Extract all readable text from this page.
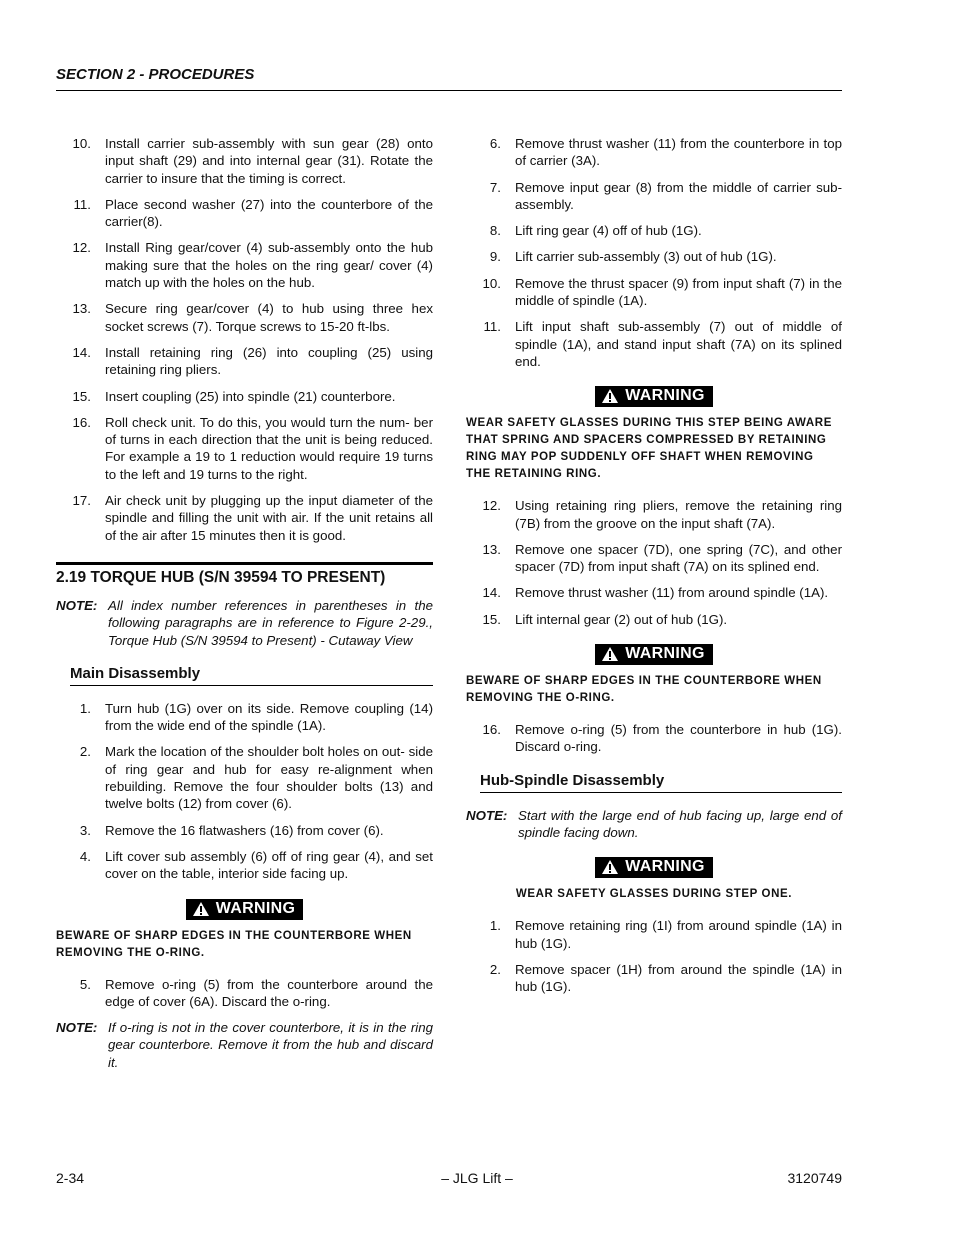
SECTION 2 - PROCEDURES
10.	Install carrier sub-assembly with sun gear (28) onto input shaft (29) and into internal gear (31). Rotate the carrier to insure that the timing is correct.
11.	Place second washer (27) into the counterbore of the carrier(8).
12.	Install Ring gear/cover (4) sub-assembly onto the hub making sure that the holes on the ring gear/ cover (4) match up with the holes on the hub.
13.	Secure ring gear/cover (4) to hub using three hex socket screws (7). Torque screws to 15-20 ft-lbs.
14.	Install retaining ring (26) into coupling (25) using retaining ring pliers.
15.	Insert coupling (25) into spindle (21) counterbore.
16.	Roll check unit. To do this, you would turn the num- ber of turns in each direction that the unit is being reduced. For example a 19 to 1 reduction would require 19 turns to the left and 19 turns to the right.
17.	Air check unit by plugging up the input diameter of the spindle and filling the unit with air. If the unit retains all of the air after 15 minutes then it is good.
2.19 TORQUE HUB (S/N 39594 TO PRESENT)
NOTE: All index number references in parentheses in the following paragraphs are in reference to Figure 2-29., Torque Hub (S/N 39594 to Present) - Cutaway View
Main Disassembly
1.	Turn hub (1G) over on its side. Remove coupling (14) from the wide end of the spindle (1A).
2.	Mark the location of the shoulder bolt holes on out- side of ring gear and hub for easy re-alignment when rebuilding. Remove the four shoulder bolts (13) and twelve bolts (12) from cover (6).
3.	Remove the 16 flatwashers (16) from cover (6).
4.	Lift cover sub assembly (6) off of ring gear (4), and set cover on the table, interior side facing up.
WARNING
BEWARE OF SHARP EDGES IN THE COUNTERBORE WHEN REMOVING THE O-RING.
5.	Remove o-ring (5) from the counterbore around the edge of cover (6A). Discard the o-ring.
NOTE: If o-ring is not in the cover counterbore, it is in the ring gear counterbore. Remove it from the hub and discard it.
6.	Remove thrust washer (11) from the counterbore in top of carrier (3A).
7.	Remove input gear (8) from the middle of carrier sub-assembly.
8.	Lift ring gear (4) off of hub (1G).
9.	Lift carrier sub-assembly (3) out of hub (1G).
10.	Remove the thrust spacer (9) from input shaft (7) in the middle of spindle (1A).
11.	Lift input shaft sub-assembly (7) out of middle of spindle (1A), and stand input shaft (7A) on its splined end.
WARNING
WEAR SAFETY GLASSES DURING THIS STEP BEING AWARE THAT SPRING AND SPACERS COMPRESSED BY RETAINING RING MAY POP SUDDENLY OFF SHAFT WHEN REMOVING THE RETAINING RING.
12.	Using retaining ring pliers, remove the retaining ring (7B) from the groove on the input shaft (7A).
13.	Remove one spacer (7D), one spring (7C), and other spacer (7D) from input shaft (7A) on its splined end.
14.	Remove thrust washer (11) from around spindle (1A).
15.	Lift internal gear (2) out of hub (1G).
WARNING
BEWARE OF SHARP EDGES IN THE COUNTERBORE WHEN REMOVING THE O-RING.
16.	Remove o-ring (5) from the counterbore in hub (1G). Discard o-ring.
Hub-Spindle Disassembly
NOTE: Start with the large end of hub facing up, large end of spindle facing down.
WARNING
WEAR SAFETY GLASSES DURING STEP ONE.
1.	Remove retaining ring (1I) from around spindle (1A) in hub (1G).
2.	Remove spacer (1H) from around the spindle (1A) in hub (1G).
2-34	– JLG Lift –	3120749
